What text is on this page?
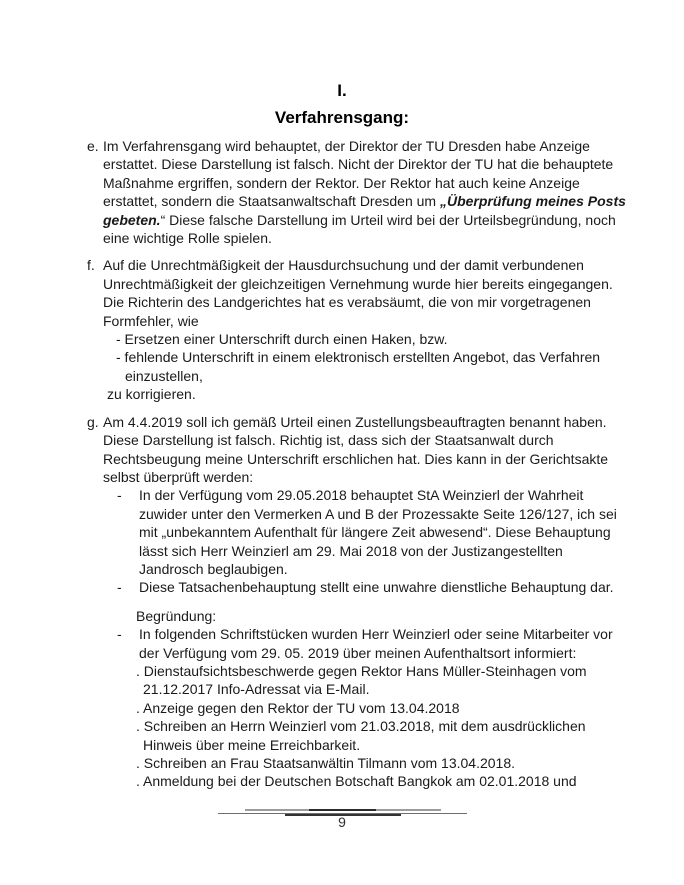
I.
Verfahrensgang:
e. Im Verfahrensgang wird behauptet, der Direktor der TU Dresden habe Anzeige
erstattet. Diese Darstellung ist falsch. Nicht der Direktor der TU hat die behauptete
Maßnahme ergriffen, sondern der Rektor. Der Rektor hat auch keine Anzeige
erstattet, sondern die Staatsanwaltschaft Dresden um „Überprüfung meines Posts
gebeten.“ Diese falsche Darstellung im Urteil wird bei der Urteilsbegründung, noch
eine wichtige Rolle spielen.
f. Auf die Unrechtmäßigkeit der Hausdurchsuchung und der damit verbundenen
Unrechtmäßigkeit der gleichzeitigen Vernehmung wurde hier bereits eingegangen.
Die Richterin des Landgerichtes hat es verabsäumt, die von mir vorgetragenen
Formfehler, wie
- Ersetzen einer Unterschrift durch einen Haken, bzw.
- fehlende Unterschrift in einem elektronisch erstellten Angebot, das Verfahren
einzustellen,
zu korrigieren.
g. Am 4.4.2019 soll ich gemäß Urteil einen Zustellungsbeauftragten benannt haben.
Diese Darstellung ist falsch. Richtig ist, dass sich der Staatsanwalt durch
Rechtsbeugung meine Unterschrift erschlichen hat. Dies kann in der Gerichtsakte
selbst überprüft werden:
- In der Verfügung vom 29.05.2018 behauptet StA Weinzierl der Wahrheit
zuwider unter den Vermerken A und B der Prozessakte Seite 126/127, ich sei
mit „unbekanntem Aufenthalt für längere Zeit abwesend“. Diese Behauptung
lässt sich Herr Weinzierl am 29. Mai 2018 von der Justizangestellten
Jandrosch beglaubigen.
- Diese Tatsachenbehauptung stellt eine unwahre dienstliche Behauptung dar.
Begründung:
- In folgenden Schriftstücken wurden Herr Weinzierl oder seine Mitarbeiter vor
der Verfügung vom 29. 05. 2019 über meinen Aufenthaltsort informiert:
. Dienstaufsichtsbeschwerde gegen Rektor Hans Müller-Steinhagen vom
21.12.2017 Info-Adressat via E-Mail.
. Anzeige gegen den Rektor der TU vom 13.04.2018
. Schreiben an Herrn Weinzierl vom 21.03.2018, mit dem ausdrücklichen
Hinweis über meine Erreichbarkeit.
. Schreiben an Frau Staatsanwältin Tilmann vom 13.04.2018.
. Anmeldung bei der Deutschen Botschaft Bangkok am 02.01.2018 und
9
